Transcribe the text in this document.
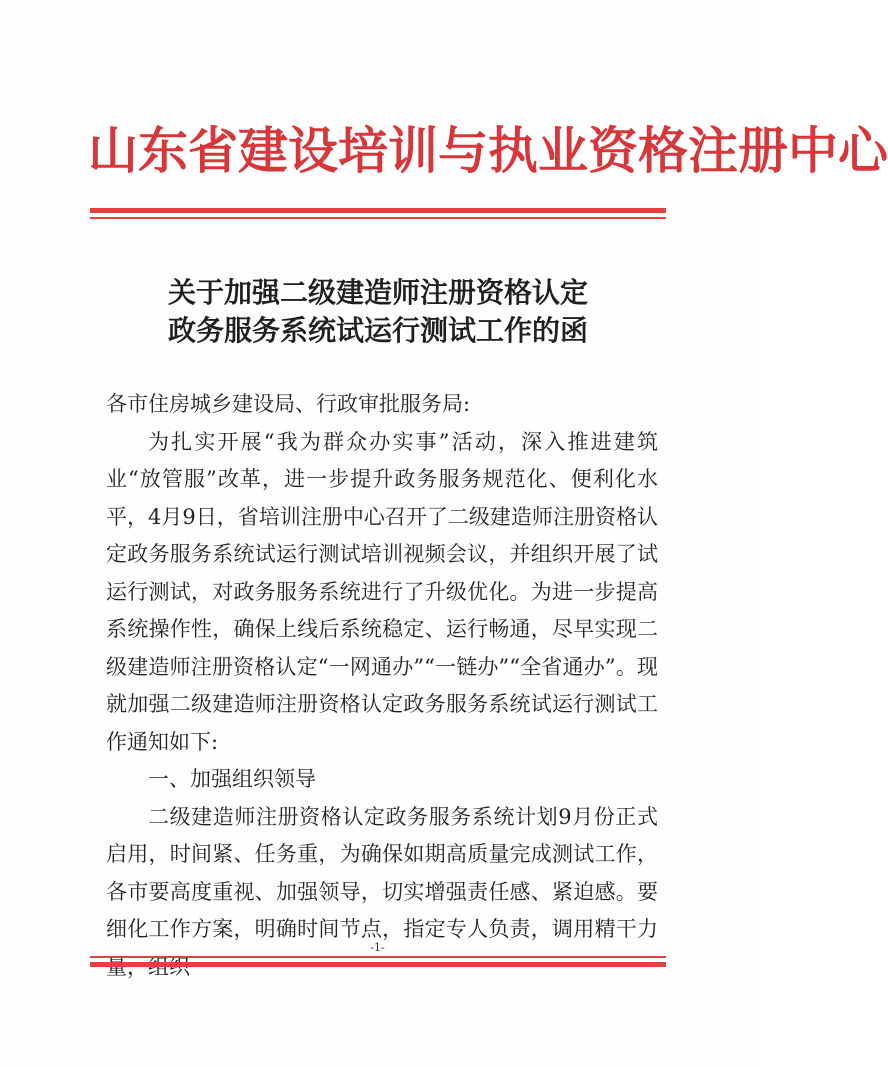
山东省建设培训与执业资格注册中心
关于加强二级建造师注册资格认定
政务服务系统试运行测试工作的函

各市住房城乡建设局、行政审批服务局:

为扎实开展“我为群众办实事”活动，深入推进建筑业“放管服”改革，进一步提升政务服务规范化、便利化水平，4月9日，省培训注册中心召开了二级建造师注册资格认定政务服务系统试运行测试培训视频会议，并组织开展了试运行测试，对政务服务系统进行了升级优化。为进一步提高系统操作性，确保上线后系统稳定、运行畅通，尽早实现二级建造师注册资格认定“一网通办”“一链办”“全省通办”。现就加强二级建造师注册资格认定政务服务系统试运行测试工作通知如下:

一、加强组织领导

二级建造师注册资格认定政务服务系统计划9月份正式启用，时间紧、任务重，为确保如期高质量完成测试工作，各市要高度重视、加强领导，切实增强责任感、紧迫感。要细化工作方案，明确时间节点，指定专人负责，调用精干力

-1-
